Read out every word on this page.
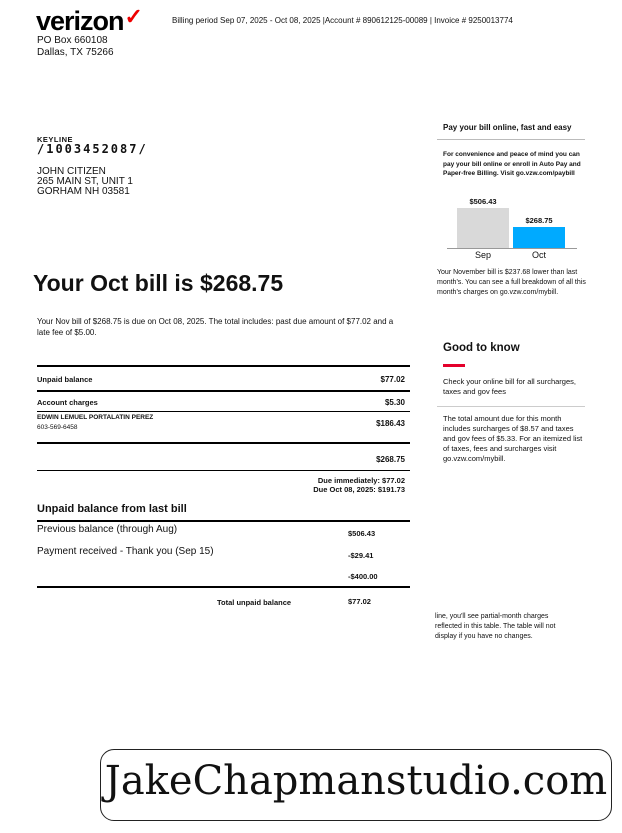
verizon✓	Billing period Sep 07, 2025 - Oct 08, 2025 |Account # 890612125-00089 | Invoice # 9250013774
PO Box 660108
Dallas, TX 75266
KEYLINE
/1003452087/
JOHN CITIZEN
265 MAIN ST, UNIT 1
GORHAM NH 03581
Your Oct bill is $268.75
Your Nov bill of $268.75 is due on Oct 08, 2025. The total includes: past due amount of $77.02 and a late fee of $5.00.
Unpaid balance	$77.02
Account charges	$5.30
EDWIN LEMUEL PORTALATIN PEREZ
603-569-6458	$186.43
$268.75
Due immediately: $77.02
Due Oct 08, 2025: $191.73
Unpaid balance from last bill
Previous balance (through Aug)	$506.43
Payment received - Thank you (Sep 15)	-$29.41
-$400.00
Total unpaid balance	$77.02
Pay your bill online, fast and easy
For convenience and peace of mind you can pay your bill online or enroll in Auto Pay and Paper-free Billing. Visit go.vzw.com/paybill
$506.43
Sep
$268.75
Oct
Your November bill is $237.68 lower than last month's. You can see a full breakdown of all this month's charges on go.vzw.com/mybill.
Good to know
Check your online bill for all surcharges, taxes and gov fees
The total amount due for this month includes surcharges of $8.57 and taxes and gov fees of $5.33. For an itemized list of taxes, fees and surcharges visit go.vzw.com/mybill.
line, you'll see partial-month charges reflected in this table. The table will not display if you have no changes.
JakeChapmanstudio.com
